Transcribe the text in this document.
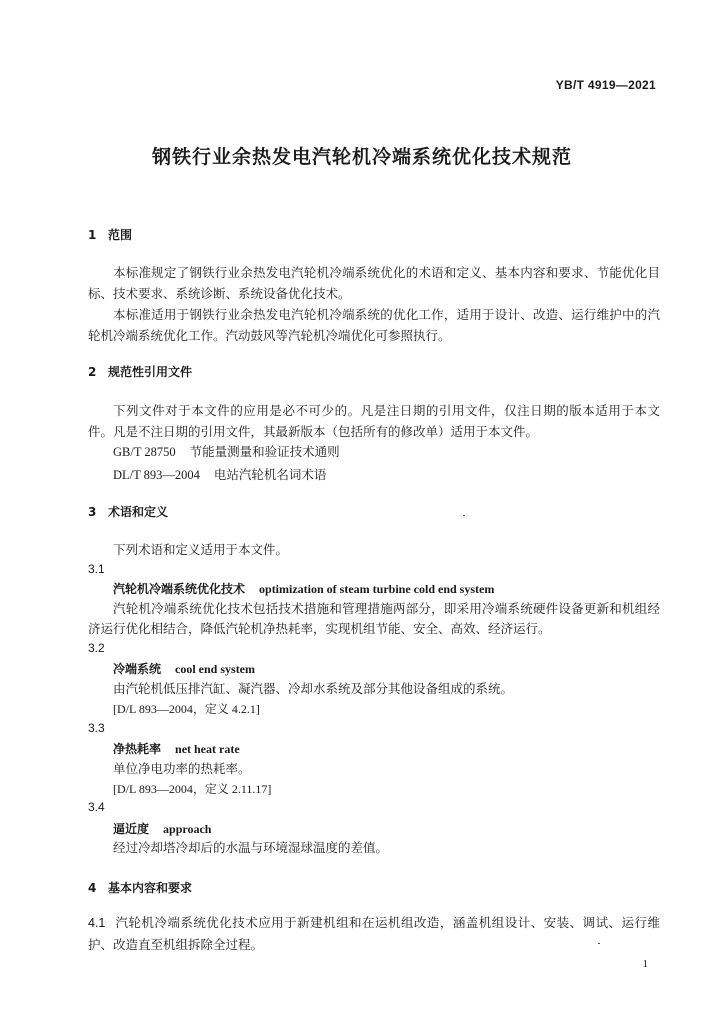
YB/T 4919—2021
钢铁行业余热发电汽轮机冷端系统优化技术规范
1 范围
本标准规定了钢铁行业余热发电汽轮机冷端系统优化的术语和定义、基本内容和要求、节能优化目标、技术要求、系统诊断、系统设备优化技术。
本标准适用于钢铁行业余热发电汽轮机冷端系统的优化工作，适用于设计、改造、运行维护中的汽轮机冷端系统优化工作。汽动鼓风等汽轮机冷端优化可参照执行。
2 规范性引用文件
下列文件对于本文件的应用是必不可少的。凡是注日期的引用文件，仅注日期的版本适用于本文件。凡是不注日期的引用文件，其最新版本（包括所有的修改单）适用于本文件。
GB/T 28750 节能量测量和验证技术通则
DL/T 893—2004 电站汽轮机名词术语
3 术语和定义
下列术语和定义适用于本文件。
3.1
汽轮机冷端系统优化技术 optimization of steam turbine cold end system
汽轮机冷端系统优化技术包括技术措施和管理措施两部分，即采用冷端系统硬件设备更新和机组经济运行优化相结合，降低汽轮机净热耗率，实现机组节能、安全、高效、经济运行。
3.2
冷端系统 cool end system
由汽轮机低压排汽缸、凝汽器、冷却水系统及部分其他设备组成的系统。
[D/L 893—2004，定义 4.2.1]
3.3
净热耗率 net heat rate
单位净电功率的热耗率。
[D/L 893—2004，定义 2.11.17]
3.4
逼近度 approach
经过冷却塔冷却后的水温与环境湿球温度的差值。
4 基本内容和要求
4.1 汽轮机冷端系统优化技术应用于新建机组和在运机组改造，涵盖机组设计、安装、调试、运行维护、改造直至机组拆除全过程。
1
